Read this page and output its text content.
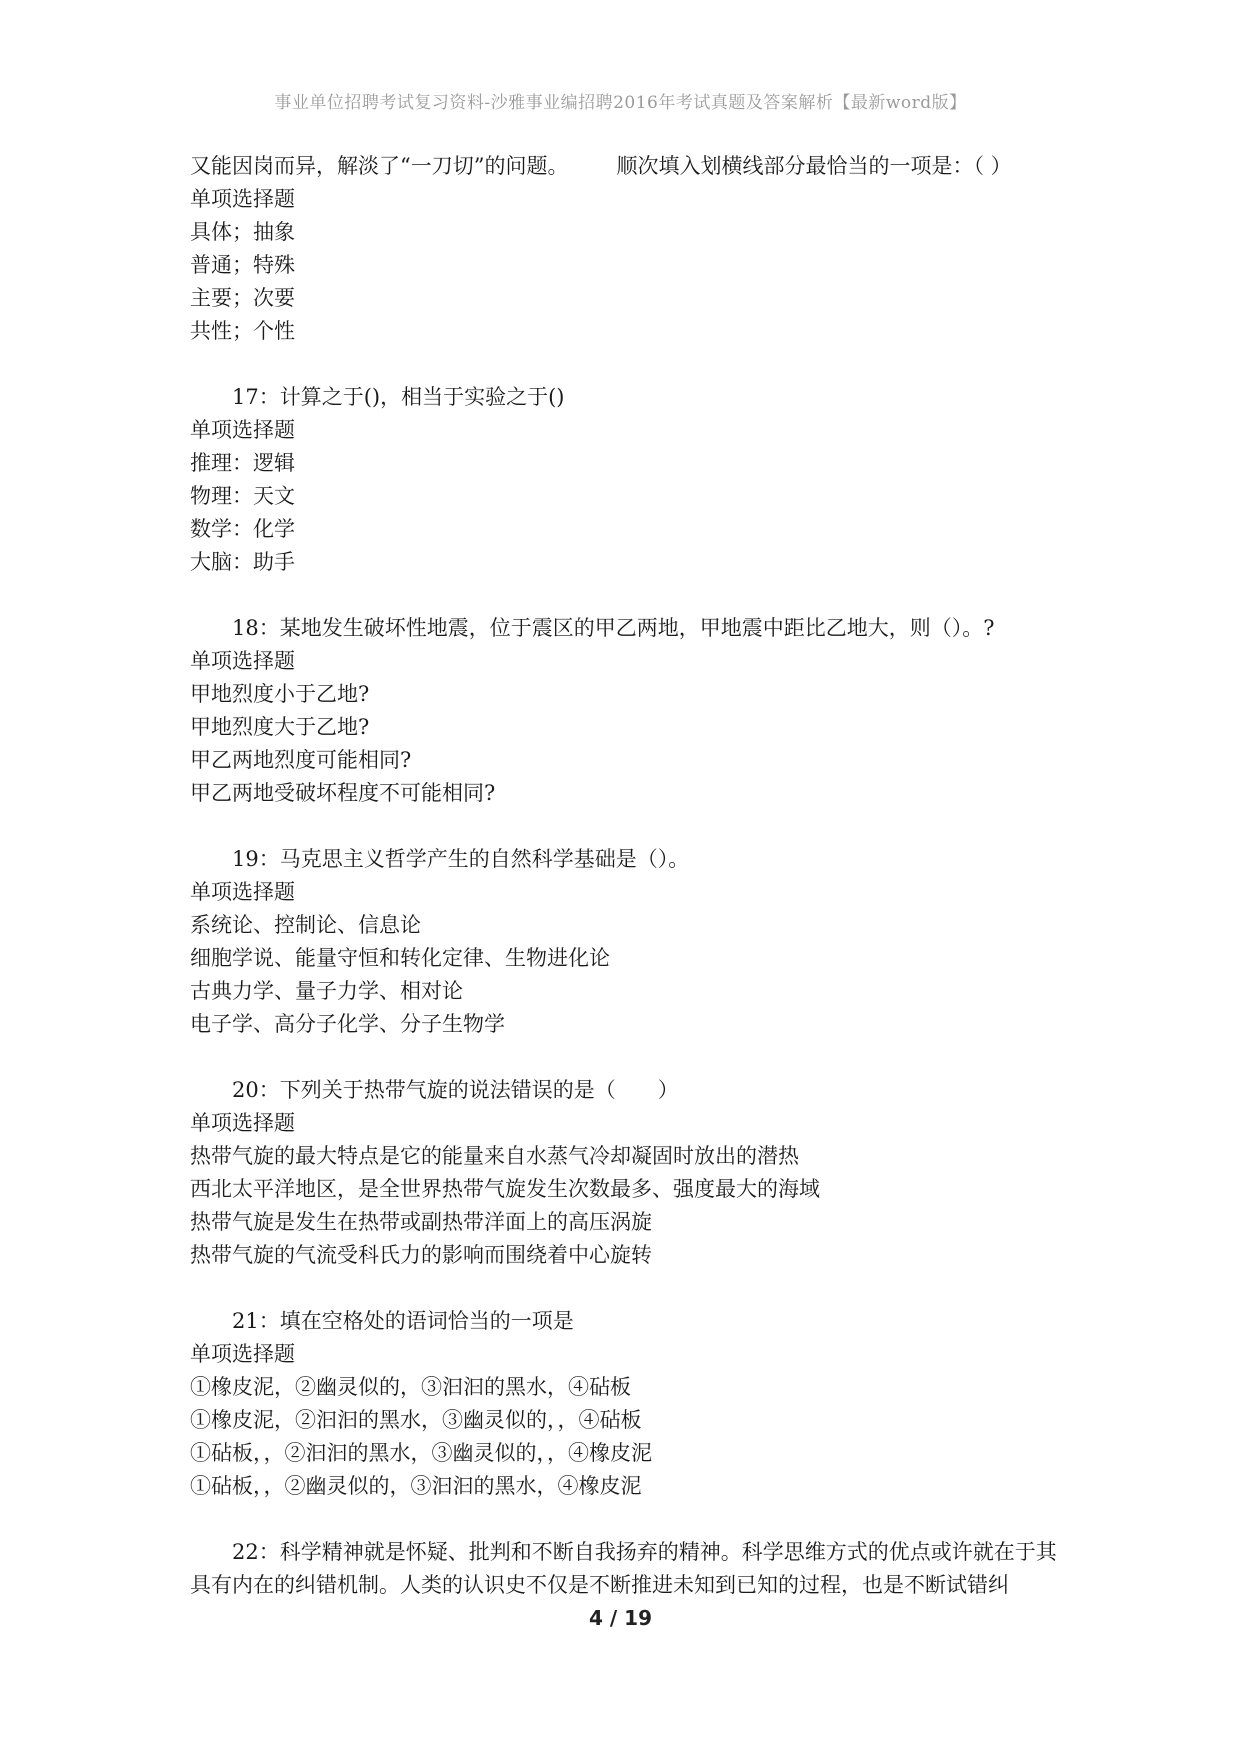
事业单位招聘考试复习资料-沙雅事业编招聘2016年考试真题及答案解析【最新word版】
又能因岗而异，解淡了“一刀切”的问题。 顺次填入划横线部分最恰当的一项是：（ ）
单项选择题
具体；抽象
普通；特殊
主要；次要
共性；个性
17：计算之于()，相当于实验之于()
单项选择题
推理：逻辑
物理：天文
数学：化学
大脑：助手
18：某地发生破坏性地震，位于震区的甲乙两地，甲地震中距比乙地大，则（）。?
单项选择题
甲地烈度小于乙地?
甲地烈度大于乙地?
甲乙两地烈度可能相同?
甲乙两地受破坏程度不可能相同?
19：马克思主义哲学产生的自然科学基础是（）。
单项选择题
系统论、控制论、信息论
细胞学说、能量守恒和转化定律、生物进化论
古典力学、量子力学、相对论
电子学、高分子化学、分子生物学
20：下列关于热带气旋的说法错误的是（　　）
单项选择题
热带气旋的最大特点是它的能量来自水蒸气冷却凝固时放出的潜热
西北太平洋地区，是全世界热带气旋发生次数最多、强度最大的海域
热带气旋是发生在热带或副热带洋面上的高压涡旋
热带气旋的气流受科氏力的影响而围绕着中心旋转
21：填在空格处的语词恰当的一项是
单项选择题
①橡皮泥，②幽灵似的，③汩汩的黑水，④砧板
①橡皮泥，②汩汩的黑水，③幽灵似的，，④砧板
①砧板，，②汩汩的黑水，③幽灵似的，，④橡皮泥
①砧板，，②幽灵似的，③汩汩的黑水，④橡皮泥
22：科学精神就是怀疑、批判和不断自我扬弃的精神。科学思维方式的优点或许就在于其具有内在的纠错机制。人类的认识史不仅是不断推进未知到已知的过程，也是不断试错纠
4 / 19
